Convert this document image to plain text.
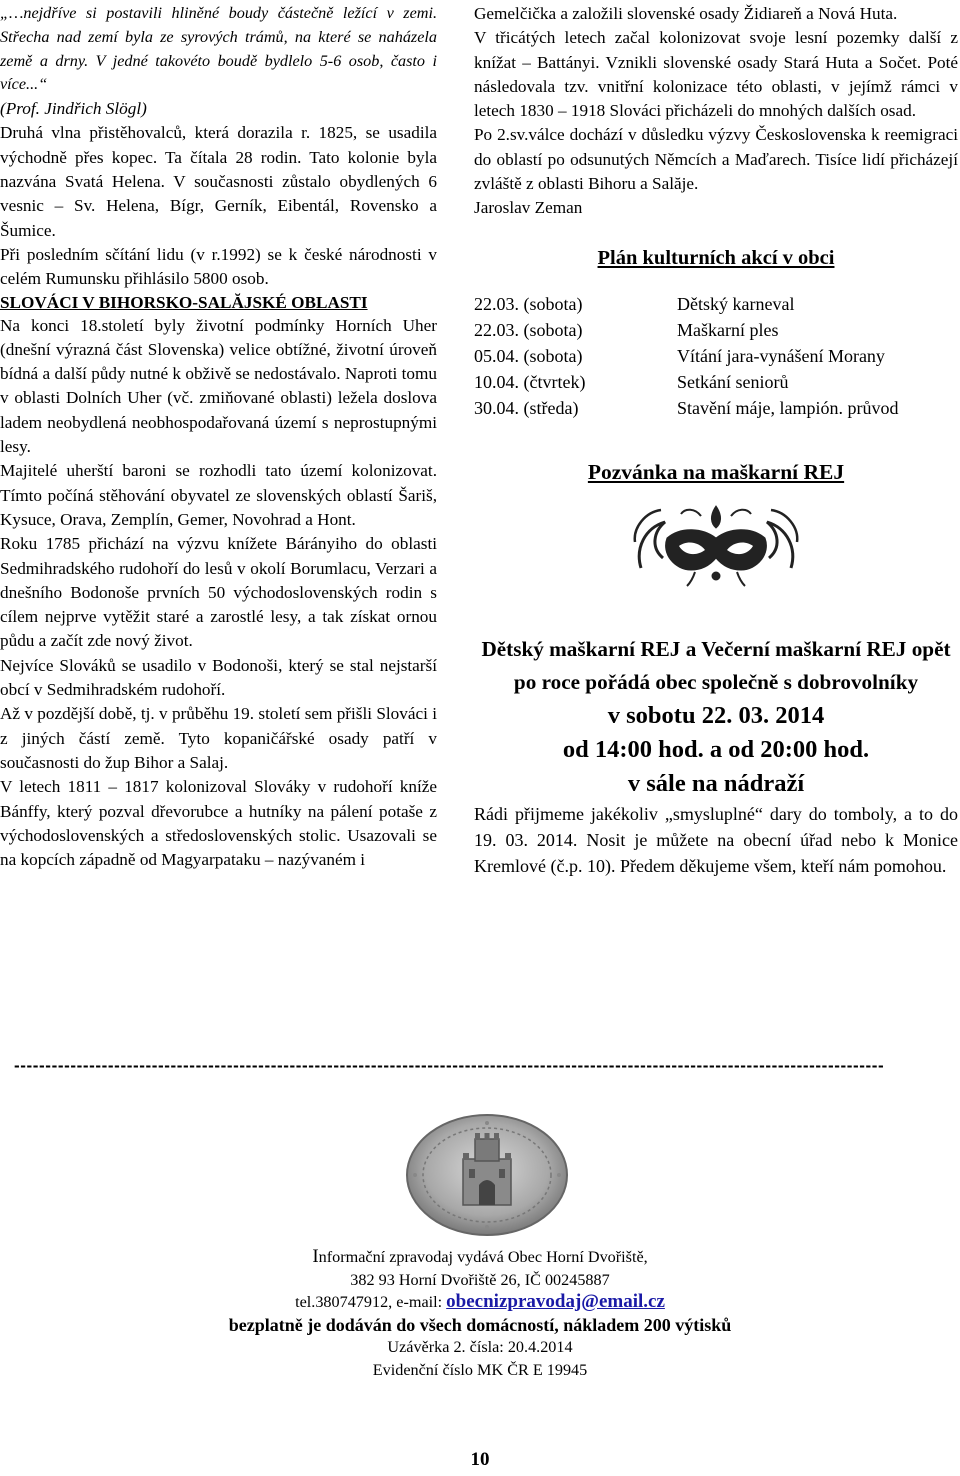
„…nejdříve si postavili hliněné boudy částečně ležící v zemi. Střecha nad zemí byla ze syrových trámů, na které se naházela země a drny. V jedné takovéto boudě bydlelo 5-6 osob, často i více...“

(Prof. Jindřich Slögl)

Druhá vlna přistěhovalců, která dorazila r. 1825, se usadila východně přes kopec. Ta čítala 28 rodin. Tato kolonie byla nazvána Svatá Helena. V současnosti zůstalo obydlených 6 vesnic – Sv. Helena, Bígr, Gerník, Eibentál, Rovensko a Šumice.

Při posledním sčítání lidu (v r.1992) se k české národnosti v celém Rumunsku přihlásilo 5800 osob.

SLOVÁCI V BIHORSKO-SALĂJSKÉ OBLASTI

Na konci 18.století byly životní podmínky Horních Uher (dnešní výrazná část Slovenska) velice obtížné, životní úroveň bídná a další půdy nutné k obživě se nedostávalo. Naproti tomu v oblasti Dolních Uher (vč. zmiňované oblasti) ležela doslova ladem neobydlená neobhospodařovaná území s neprostupnými lesy.

Majitelé uherští baroni se rozhodli tato území kolonizovat. Tímto počíná stěhování obyvatel ze slovenských oblastí Šariš, Kysuce, Orava, Zemplín, Gemer, Novohrad a Hont.

Roku 1785 přichází na výzvu knížete Bárányiho do oblasti Sedmihradského rudohoří do lesů v okolí Borumlacu, Verzari a dnešního Bodonoše prvních 50 východoslovenských rodin s cílem nejprve vytěžit staré a zarostlé lesy, a tak získat ornou půdu a začít zde nový život.

Nejvíce Slováků se usadilo v Bodonoši, který se stal nejstarší obcí v Sedmihradském rudohoří.

Až v pozdější době, tj. v průběhu 19. století sem přišli Slováci i z jiných částí země. Tyto kopaničářské osady patří v současnosti do žup Bihor a Salaj.

V letech 1811 – 1817 kolonizoval Slováky v rudohoří kníže Bánffy, který pozval dřevorubce a hutníky na pálení potaše z východoslovenských a středoslovenských stolic. Usazovali se na kopcích západně od Magyarpataku – nazývaném i

Gemelčička a založili slovenské osady Židiareň a Nová Huta.

V třicátých letech začal kolonizovat svoje lesní pozemky další z knížat – Battányi. Vznikli slovenské osady Stará Huta a Sočet. Poté následovala tzv. vnitřní kolonizace této oblasti, v jejímž rámci v letech 1830 – 1918 Slováci přicházeli do mnohých dalších osad.

Po 2.sv.válce dochází v důsledku výzvy Československa k reemigraci do oblastí po odsunutých Němcích a Maďarech. Tisíce lidí přicházejí zvláště z oblasti Bihoru a Salăje.

Jaroslav Zeman

Plán kulturních akcí v obci
22.03. (sobota)	Dětský karneval
22.03. (sobota)	Maškarní ples
05.04. (sobota)	Vítání jara-vynášení Morany
10.04. (čtvrtek)	Setkání seniorů
30.04. (středa)	Stavění máje, lampión. průvod
Pozvánka na maškarní REJ
Dětský maškarní REJ a Večerní maškarní REJ opět po roce pořádá obec společně s dobrovolníky
v sobotu 22. 03. 2014
od 14:00 hod. a od 20:00 hod.
v sále na nádraží

Rádi přijmeme jakékoliv „smysluplné“ dary do tomboly, a to do 19. 03. 2014. Nosit je můžete na obecní úřad nebo k Monice Kremlové (č.p. 10). Předem děkujeme všem, kteří nám pomohou.

-------------------------------------------------------------------------------------------------------------------------------------------
Informační zpravodaj vydává Obec Horní Dvořiště,
382 93 Horní Dvořiště 26, IČ 00245887
tel.380747912, e-mail: obecnizpravodaj@email.cz
bezplatně je dodáván do všech domácností, nákladem 200 výtisků
Uzávěrka 2. čísla: 20.4.2014
Evidenční číslo MK ČR E 19945
10
